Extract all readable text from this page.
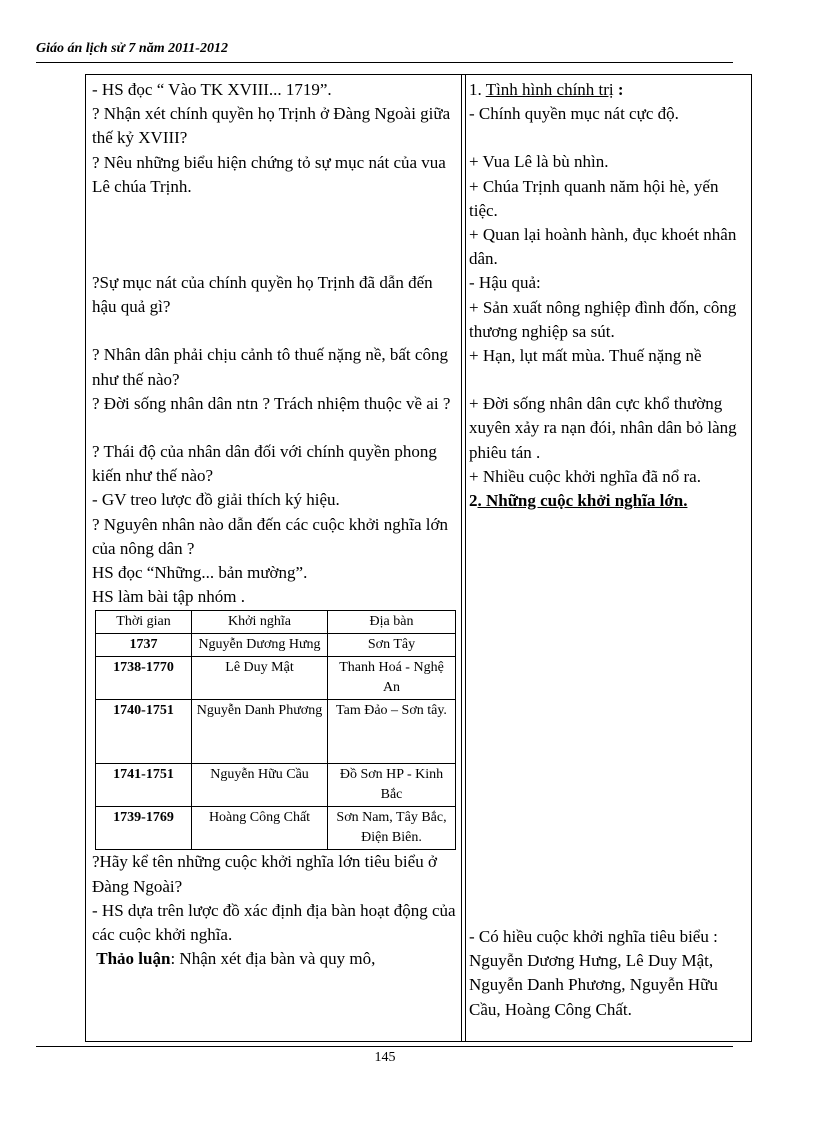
Giáo án lịch sử 7 năm 2011-2012

- HS đọc “ Vào TK XVIII... 1719”.

? Nhận xét chính quyền họ Trịnh ở Đàng Ngoài giữa thế kỷ XVIII?

? Nêu những biểu hiện chứng tỏ sự mục nát của vua Lê chúa Trịnh.

?Sự mục nát của chính quyền họ Trịnh đã dẫn đến hậu quả gì?

? Nhân dân phải chịu cảnh tô thuế nặng nề, bất công như thế nào?

? Đời sống nhân dân ntn ? Trách nhiệm thuộc về ai ?

? Thái độ của nhân dân đối với chính quyền phong kiến như thế nào?

- GV treo lược đồ giải thích ký hiệu.

? Nguyên nhân nào dẫn đến các cuộc khởi nghĩa lớn của nông dân ?

HS đọc “Những... bản mường”.

HS làm bài tập nhóm .

Thời gian	Khởi nghĩa	Địa bàn
1737	Nguyễn Dương Hưng	Sơn Tây
1738-1770	Lê Duy Mật	Thanh Hoá - Nghệ An
1740-1751	Nguyễn Danh Phương	Tam Đảo – Sơn tây.
1741-1751	Nguyễn Hữu Cầu	Đồ Sơn HP - Kinh Bắc
1739-1769	Hoàng Công Chất	Sơn Nam, Tây Bắc, Điện Biên.

?Hãy kể tên những cuộc khởi nghĩa lớn tiêu biểu ở Đàng Ngoài?

- HS dựa trên lược đồ xác định địa bàn hoạt động của các cuộc khởi nghĩa.

Thảo luận: Nhận xét địa bàn và quy mô,

1. Tình hình chính trị :

- Chính quyền mục nát cực độ.

+ Vua Lê là bù nhìn.

+ Chúa Trịnh quanh năm hội hè, yến tiệc.

+ Quan lại hoành hành, đục khoét nhân dân.

- Hậu quả:

+ Sản xuất nông nghiệp đình đốn, công thương nghiệp sa sút.

+ Hạn, lụt mất mùa. Thuế nặng nề

+ Đời sống nhân dân cực khổ thường xuyên xảy ra nạn đói, nhân dân bỏ làng phiêu tán .

+ Nhiều cuộc khởi nghĩa đã nổ ra.

2. Những cuộc khởi nghĩa lớn.

- Có hiều cuộc khởi nghĩa tiêu biểu : Nguyễn Dương Hưng, Lê Duy Mật, Nguyễn Danh Phương, Nguyễn Hữu Cầu, Hoàng Công Chất.

145
